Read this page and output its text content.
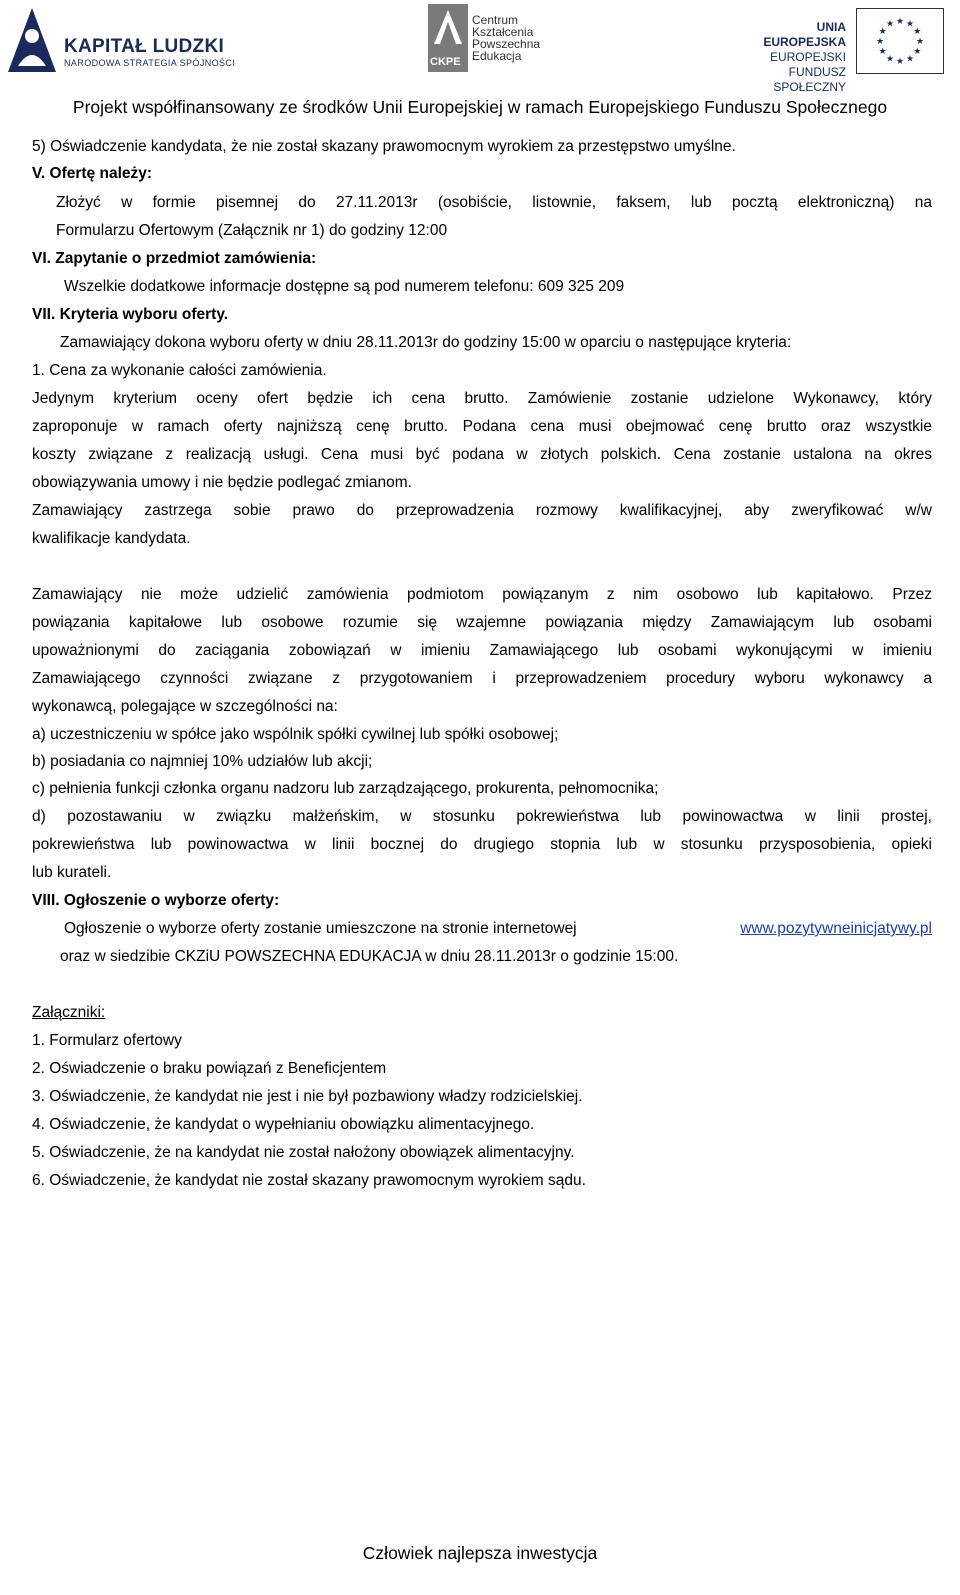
KAPITAŁ LUDZKI
NARODOWA STRATEGIA SPÓJNOŚCI	CKPE
Centrum
Kształcenia
Powszechna
Edukacja
UNIA EUROPEJSKA
EUROPEJSKI
FUNDUSZ SPOŁECZNY
★
★
★
★
★
★
★
★
★ ★ ★
★
Projekt współfinansowany ze środków Unii Europejskiej w ramach Europejskiego Funduszu Społecznego
5) Oświadczenie kandydata, że nie został skazany prawomocnym wyrokiem za przestępstwo umyślne.
V. Ofertę należy:
Złożyć w formie pisemnej do 27.11.2013r (osobiście, listownie, faksem, lub pocztą elektroniczną) na
Formularzu Ofertowym (Załącznik nr 1) do godziny 12:00
VI. Zapytanie o przedmiot zamówienia:
Wszelkie dodatkowe informacje dostępne są pod numerem telefonu: 609 325 209
VII. Kryteria wyboru oferty.
Zamawiający dokona wyboru oferty w dniu 28.11.2013r do godziny 15:00 w oparciu o następujące kryteria:
1. Cena za wykonanie całości zamówienia.
Jedynym kryterium oceny ofert będzie ich cena brutto. Zamówienie zostanie udzielone Wykonawcy, który
zaproponuje w ramach oferty najniższą cenę brutto. Podana cena musi obejmować cenę brutto oraz wszystkie
koszty związane z realizacją usługi. Cena musi być podana w złotych polskich. Cena zostanie ustalona na okres
obowiązywania umowy i nie będzie podlegać zmianom.
Zamawiający zastrzega sobie prawo do przeprowadzenia rozmowy kwalifikacyjnej, aby zweryfikować w/w
kwalifikacje kandydata.
Zamawiający nie może udzielić zamówienia podmiotom powiązanym z nim osobowo lub kapitałowo. Przez
powiązania kapitałowe lub osobowe rozumie się wzajemne powiązania między Zamawiającym lub osobami
upoważnionymi do zaciągania zobowiązań w imieniu Zamawiającego lub osobami wykonującymi w imieniu
Zamawiającego czynności związane z przygotowaniem i przeprowadzeniem procedury wyboru wykonawcy a
wykonawcą, polegające w szczególności na:
a) uczestniczeniu w spółce jako wspólnik spółki cywilnej lub spółki osobowej;
b) posiadania co najmniej 10% udziałów lub akcji;
c) pełnienia funkcji członka organu nadzoru lub zarządzającego, prokurenta, pełnomocnika;
d) pozostawaniu w związku małżeńskim, w stosunku pokrewieństwa lub powinowactwa w linii prostej,
pokrewieństwa lub powinowactwa w linii bocznej do drugiego stopnia lub w stosunku przysposobienia, opieki
lub kurateli.
VIII. Ogłoszenie o wyborze oferty:
Ogłoszenie o wyborze oferty zostanie umieszczone na stronie internetowej	www.pozytywneinicjatywy.pl
oraz w siedzibie CKZiU POWSZECHNA EDUKACJA w dniu 28.11.2013r o godzinie 15:00.
Załączniki:
1. Formularz ofertowy
2. Oświadczenie o braku powiązań z Beneficjentem
3. Oświadczenie, że kandydat nie jest i nie był pozbawiony władzy rodzicielskiej.
4. Oświadczenie, że kandydat o wypełnianiu obowiązku alimentacyjnego.
5. Oświadczenie, że na kandydat nie został nałożony obowiązek alimentacyjny.
6. Oświadczenie, że kandydat nie został skazany prawomocnym wyrokiem sądu.
Człowiek najlepsza inwestycja
